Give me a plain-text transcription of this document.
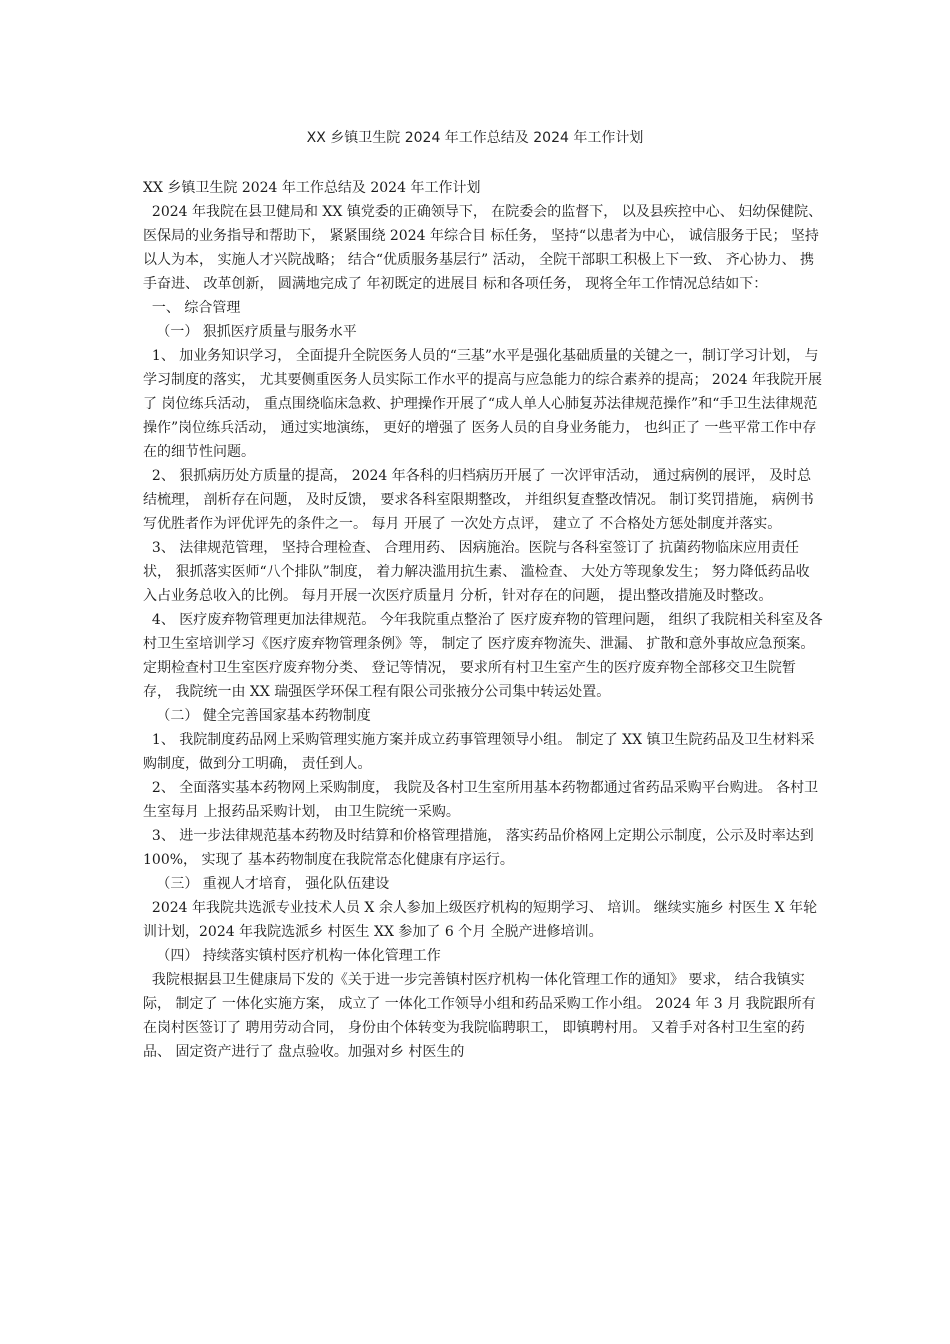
XX 乡镇卫生院 2024 年工作总结及 2024 年工作计划

XX 乡镇卫生院 2024 年工作总结及 2024 年工作计划

2024 年我院在县卫健局和 XX 镇党委的正确领导下， 在院委会的监督下， 以及县疾控中心、 妇幼保健院、 医保局的业务指导和帮助下， 紧紧围绕 2024 年综合目 标任务， 坚持“以患者为中心， 诚信服务于民； 坚持以人为本， 实施人才兴院战略； 结合“优质服务基层行” 活动， 全院干部职工积极上下一致、 齐心协力、 携手奋进、 改革创新， 圆满地完成了 年初既定的进展目 标和各项任务， 现将全年工作情况总结如下：

一、 综合管理

（一） 狠抓医疗质量与服务水平

1、 加业务知识学习， 全面提升全院医务人员的“三基”水平是强化基础质量的关键之一，制订学习计划， 与学习制度的落实， 尤其要侧重医务人员实际工作水平的提高与应急能力的综合素养的提高； 2024 年我院开展了 岗位练兵活动， 重点围绕临床急救、护理操作开展了“成人单人心肺复苏法律规范操作”和“手卫生法律规范操作”岗位练兵活动， 通过实地演练， 更好的增强了 医务人员的自身业务能力， 也纠正了 一些平常工作中存在的细节性问题。

2、 狠抓病历处方质量的提高， 2024 年各科的归档病历开展了 一次评审活动， 通过病例的展评， 及时总结梳理， 剖析存在问题， 及时反馈， 要求各科室限期整改， 并组织复查整改情况。 制订奖罚措施， 病例书写优胜者作为评优评先的条件之一。 每月 开展了 一次处方点评， 建立了 不合格处方惩处制度并落实。

3、 法律规范管理， 坚持合理检查、 合理用药、 因病施治。医院与各科室签订了 抗菌药物临床应用责任状， 狠抓落实医师“八个排队”制度， 着力解决滥用抗生素、 滥检查、 大处方等现象发生； 努力降低药品收入占业务总收入的比例。 每月开展一次医疗质量月 分析，针对存在的问题， 提出整改措施及时整改。

4、 医疗废弃物管理更加法律规范。 今年我院重点整治了 医疗废弃物的管理问题， 组织了我院相关科室及各村卫生室培训学习《医疗废弃物管理条例》等， 制定了 医疗废弃物流失、泄漏、 扩散和意外事故应急预案。 定期检查村卫生室医疗废弃物分类、 登记等情况， 要求所有村卫生室产生的医疗废弃物全部移交卫生院暂存， 我院统一由 XX 瑞强医学环保工程有限公司张掖分公司集中转运处置。

（二） 健全完善国家基本药物制度

1、 我院制度药品网上采购管理实施方案并成立药事管理领导小组。 制定了 XX 镇卫生院药品及卫生材料采购制度，做到分工明确， 责任到人。

2、 全面落实基本药物网上采购制度， 我院及各村卫生室所用基本药物都通过省药品采购平台购进。 各村卫生室每月 上报药品采购计划， 由卫生院统一采购。

3、 进一步法律规范基本药物及时结算和价格管理措施， 落实药品价格网上定期公示制度，公示及时率达到 100%， 实现了 基本药物制度在我院常态化健康有序运行。

（三） 重视人才培育， 强化队伍建设

2024 年我院共选派专业技术人员 X 余人参加上级医疗机构的短期学习、 培训。 继续实施乡 村医生 X 年轮训计划，2024 年我院选派乡 村医生 XX 参加了 6 个月 全脱产进修培训。

（四） 持续落实镇村医疗机构一体化管理工作

我院根据县卫生健康局下发的《关于进一步完善镇村医疗机构一体化管理工作的通知》 要求， 结合我镇实际， 制定了 一体化实施方案， 成立了 一体化工作领导小组和药品采购工作小组。 2024 年 3 月 我院跟所有在岗村医签订了 聘用劳动合同， 身份由个体转变为我院临聘职工， 即镇聘村用。 又着手对各村卫生室的药品、 固定资产进行了 盘点验收。加强对乡 村医生的
